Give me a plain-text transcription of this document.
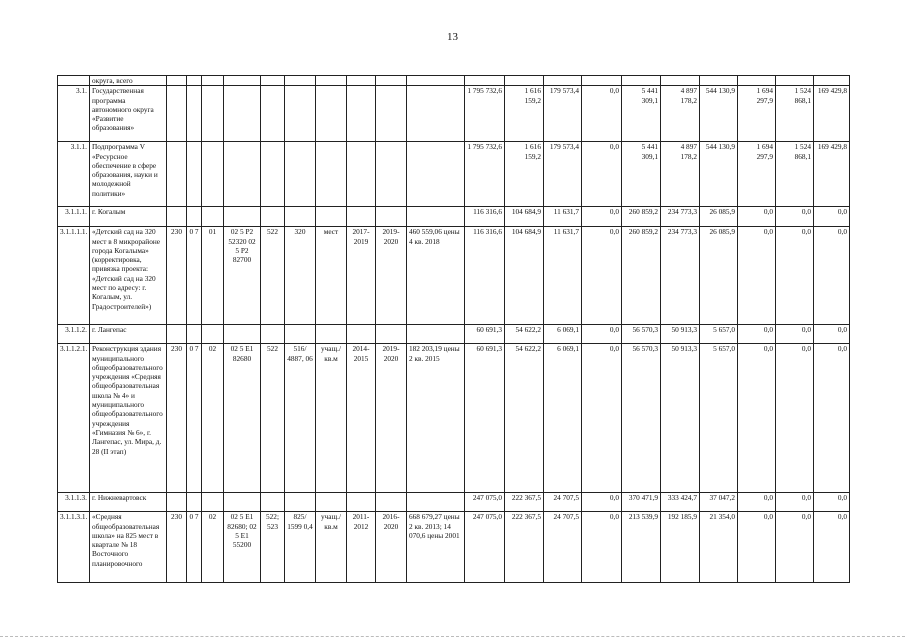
13
	округа, всего																				
3.1.	Государственная программа автономного округа «Развитие образования»											1 795 732,6	1 616 159,2	179 573,4	0,0	5 441 309,1	4 897 178,2	544 130,9	1 694 297,9	1 524 868,1	169 429,8
3.1.1.	Подпрограмма V «Ресурсное обеспечение в сфере образования, науки и молодежной политики»											1 795 732,6	1 616 159,2	179 573,4	0,0	5 441 309,1	4 897 178,2	544 130,9	1 694 297,9	1 524 868,1	169 429,8
3.1.1.1.	г. Когалым											116 316,6	104 684,9	11 631,7	0,0	260 859,2	234 773,3	26 085,9	0,0	0,0	0,0
3.1.1.1.1.	«Детский сад на 320 мест в 8 микрорайоне города Когалыма» (корректировка, привязка проекта: «Детский сад на 320 мест по адресу: г. Когалым, ул. Градостроителей»)	230	0 7	01	02 5 Р2 52320 02 5 Р2 82700	522	320	мест	2017-2019	2019-2020	460 559,06 цены 4 кв. 2018	116 316,6	104 684,9	11 631,7	0,0	260 859,2	234 773,3	26 085,9	0,0	0,0	0,0
3.1.1.2.	г. Лангепас											60 691,3	54 622,2	6 069,1	0,0	56 570,3	50 913,3	5 657,0	0,0	0,0	0,0
3.1.1.2.1.	Реконструкция здания муниципального общеобразовательного учреждения «Средняя общеобразовательная школа № 4» и муниципального общеобразовательного учреждения «Гимназия № 6», г. Лангепас, ул. Мира, д. 28 (II этап)	230	0 7	02	02 5 Е1 82680	522	516/ 4887, 06	учащ./ кв.м	2014-2015	2019-2020	182 203,19 цены 2 кв. 2015	60 691,3	54 622,2	6 069,1	0,0	56 570,3	50 913,3	5 657,0	0,0	0,0	0,0
3.1.1.3.	г. Нижневартовск											247 075,0	222 367,5	24 707,5	0,0	370 471,9	333 424,7	37 047,2	0,0	0,0	0,0
3.1.1.3.1.	«Средняя общеобразовательная школа» на 825 мест в квартале № 18 Восточного планировочного	230	0 7	02	02 5 Е1 82680; 02 5 Е1 55200	522; 523	825/ 1599 0,4	учащ./ кв.м	2011-2012	2016-2020	668 679,27 цены 2 кв. 2013; 14 070,6 цены 2001	247 075,0	222 367,5	24 707,5	0,0	213 539,9	192 185,9	21 354,0	0,0	0,0	0,0
